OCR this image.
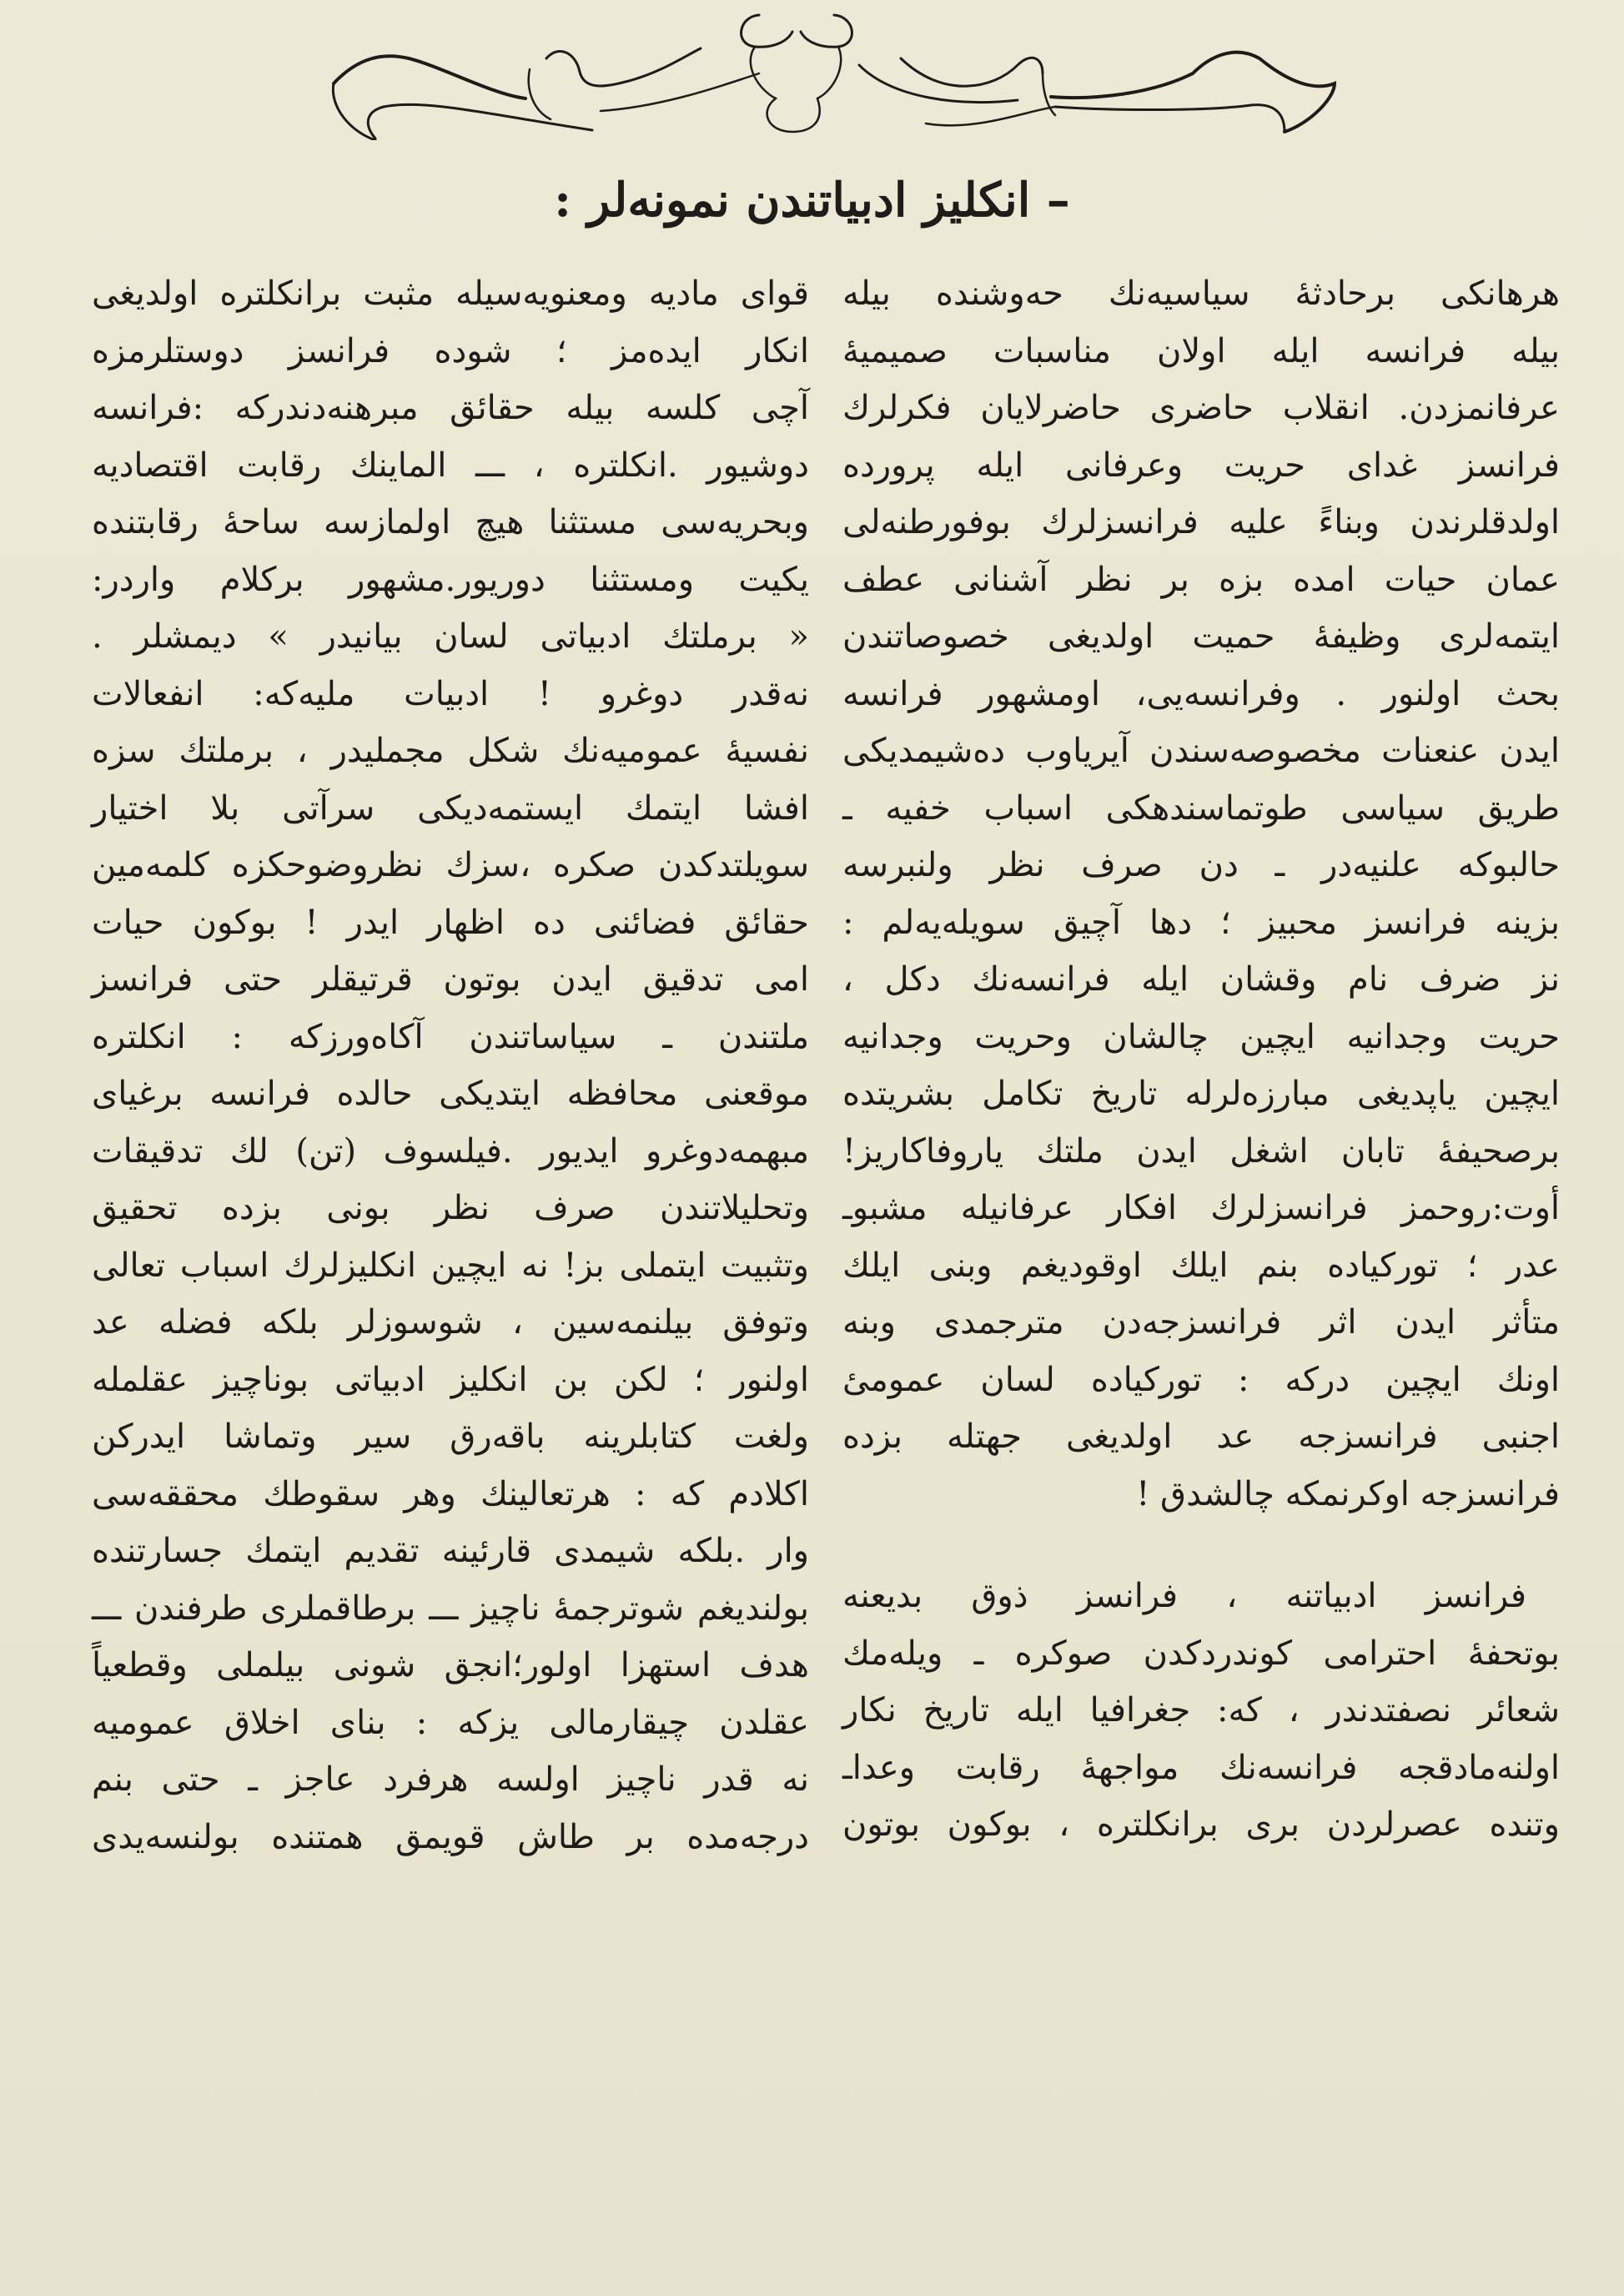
– انكليز ادبياتندن نمونه‌لر :
هرهانكى برحادثهٔ سياسيه‌نك حه‌وشنده بيله
بيله فرانسه ايله اولان مناسبات صميميهٔ
عرفانمزدن. انقلاب حاضرى حاضرلايان فكرلرك
فرانسز غداى حريت وعرفانى ايله پرورده
اولدقلرندن وبناءً عليه فرانسزلرك بوفورطنه‌لى
عمان حيات امده بزه بر نظر آشنانى عطف
ايتمه‌لرى وظيفهٔ حميت اولديغى خصوصاتندن
بحث اولنور . وفرانسه‌يى، اومشهور فرانسه
ايدن عنعنات مخصوصه‌سندن آيرياوب ده‌شيمديكى
طريق سياسى طوتماسندهكى اسباب خفيه ـ
حالبوكه علنيه‌در ـ دن صرف نظر ولنبرسه
بزينه فرانسز محبيز ؛ دها آچيق سويله‌يه‌لم :
نز ضرف نام وقشان ايله فرانسه‌نك دكل ،
حريت وجدانيه ايچين چالشان وحريت وجدانيه
ايچين ياپديغى مبارزه‌لرله تاريخ تكامل بشريتده
برصحيفهٔ تابان اشغل ايدن ملتك ياروفاكاريز!
أوت:روحمز فرانسزلرك افكار عرفانيله مشبوـ
عدر ؛ توركياده بنم ايلك اوقوديغم وبنى ايلك
متأثر ايدن اثر فرانسزجه‌دن مترجمدى وبنه
اونك ايچين دركه : توركياده لسان عمومىٔ
اجنبى فرانسزجه عد اولديغى جهتله بزده
فرانسزجه اوكرنمكه چالشدق !
فرانسز ادبياتنه ، فرانسز ذوق بديعنه
بوتحفهٔ احترامى كوندردكدن صوكره ـ ويله‌مك
شعائر نصفتدندر ، كه: جغرافيا ايله تاريخ نكار
اولنه‌مادقجه فرانسه‌نك مواجههٔ رقابت وعداـ
وتنده عصرلردن برى برانكلتره ، بوكون بوتون
قواى ماديه ومعنويه‌سيله مثبت برانكلتره اولديغى
انكار ايده‌مز ؛ شوده فرانسز دوستلرمزه
آچى كلسه بيله حقائق مبرهنه‌دندركه :فرانسه
دوشيور .انكلتره ، ـــ الماينك رقابت اقتصاديه
وبحريه‌سى مستثنا هيچ اولمازسه ساحهٔ رقابتنده
يكيت ومستثنا دوريور.مشهور بركلام واردر:
« برملتك ادبياتى لسان بيانيدر » ديمشلر .
نه‌قدر دوغرو ! ادبيات مليه‌كه: انفعالات
نفسيهٔ عموميه‌نك شكل مجمليدر ، برملتك سزه
افشا ايتمك ايستمه‌ديكى سرآتى بلا اختيار
سويلتدكدن صكره ،سزك نظروضوحكزه كلمه‌مين
حقائق فضائنى ده اظهار ايدر ! بوكون حيات
امى تدقيق ايدن بوتون قرتيقلر حتى فرانسز
ملتندن ـ سياساتندن آكاه‌ورزكه : انكلتره
موقعنى محافظه ايتديكى حالده فرانسه برغياى
مبهمه‌دوغرو ايديور .فيلسوف (تن) لك تدقيقات
وتحليلاتندن صرف نظر بونى بزده تحقيق
وتثبيت ايتملى بز! نه ايچين انكليزلرك اسباب تعالى
وتوفق بيلنمه‌سين ، شوسوزلر بلكه فضله عد
اولنور ؛ لكن بن انكليز ادبياتى بوناچيز عقلمله
ولغت كتابلرينه باقه‌رق سير وتماشا ايدركن
اكلادم كه : هرتعالينك وهر سقوطك محققه‌سى
وار .بلكه شيمدى قارئينه تقديم ايتمك جسارتنده
بولنديغم شوترجمهٔ ناچيز ـــ برطاقملرى طرفندن ـــ
هدف استهزا اولور؛انجق شونى بيلملى وقطعياً
عقلدن چيقارمالى يزكه : بناى اخلاق عموميه
نه قدر ناچيز اولسه هرفرد عاجز ـ حتى بنم
درجه‌مده بر طاش قويمق همتنده بولنسه‌يدى
